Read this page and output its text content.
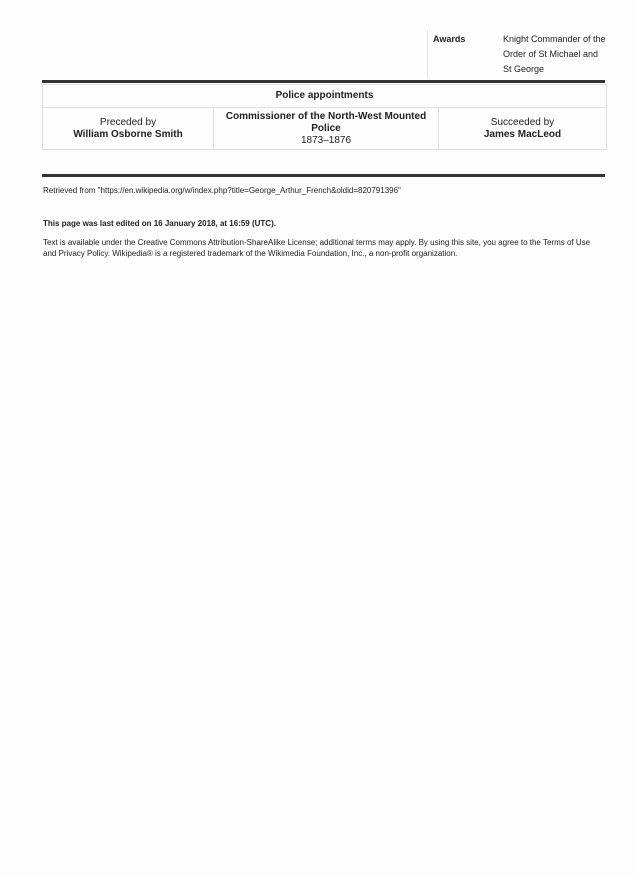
Awards	Knight Commander of the Order of St Michael and St George
Police appointments
Preceded by
William Osborne Smith
Commissioner of the North-West Mounted Police
1873–1876
Succeeded by
James MacLeod
Retrieved from "https://en.wikipedia.org/w/index.php?title=George_Arthur_French&oldid=820791396"
This page was last edited on 16 January 2018, at 16:59 (UTC).
Text is available under the Creative Commons Attribution-ShareAlike License; additional terms may apply. By using this site, you agree to the Terms of Use and Privacy Policy. Wikipedia® is a registered trademark of the Wikimedia Foundation, Inc., a non-profit organization.
